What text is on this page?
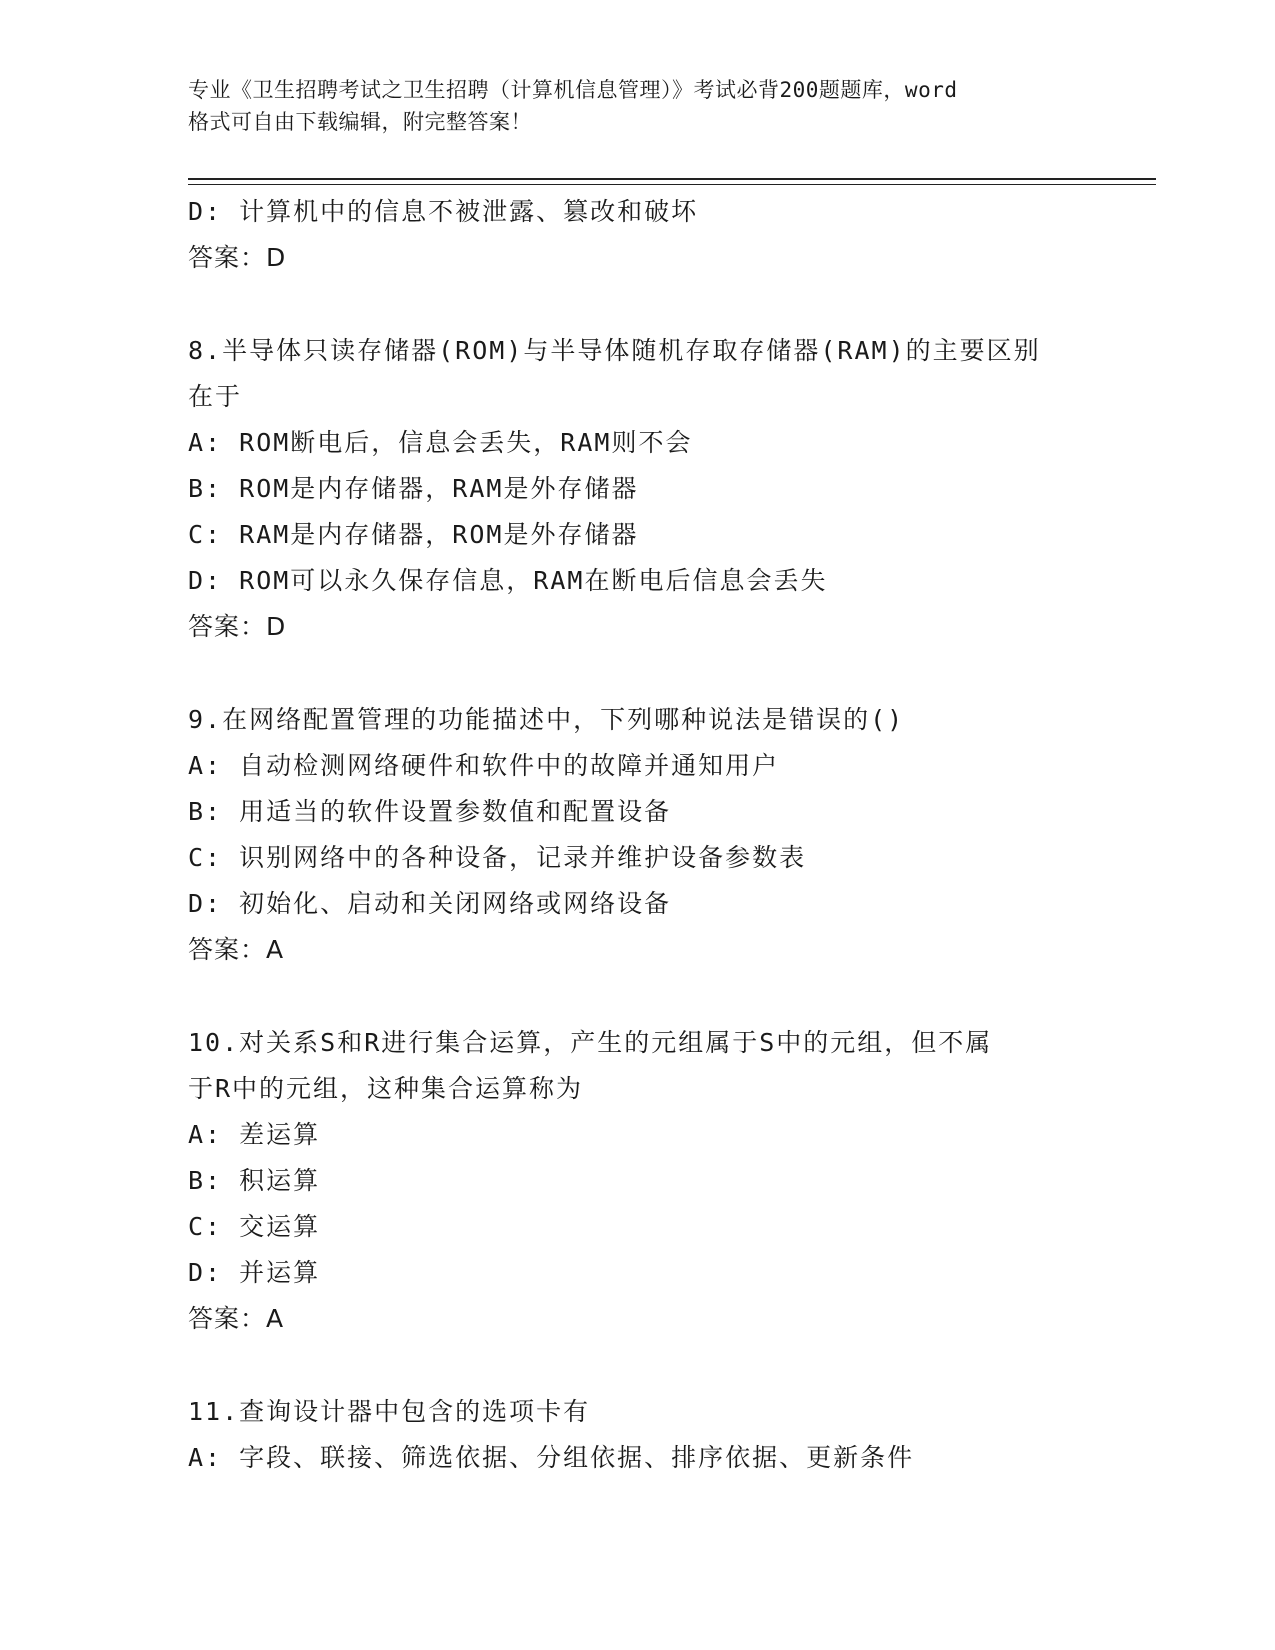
专业《卫生招聘考试之卫生招聘（计算机信息管理）》考试必背200题题库，word
格式可自由下载编辑，附完整答案！
D: 计算机中的信息不被泄露、篡改和破坏
答案：D
8.半导体只读存储器(ROM)与半导体随机存取存储器(RAM)的主要区别
在于
A: ROM断电后，信息会丢失，RAM则不会
B: ROM是内存储器，RAM是外存储器
C: RAM是内存储器，ROM是外存储器
D: ROM可以永久保存信息，RAM在断电后信息会丢失
答案：D
9.在网络配置管理的功能描述中，下列哪种说法是错误的()
A: 自动检测网络硬件和软件中的故障并通知用户
B: 用适当的软件设置参数值和配置设备
C: 识别网络中的各种设备，记录并维护设备参数表
D: 初始化、启动和关闭网络或网络设备
答案：A
10.对关系S和R进行集合运算，产生的元组属于S中的元组，但不属
于R中的元组，这种集合运算称为
A: 差运算
B: 积运算
C: 交运算
D: 并运算
答案：A
11.查询设计器中包含的选项卡有
A: 字段、联接、筛选依据、分组依据、排序依据、更新条件
